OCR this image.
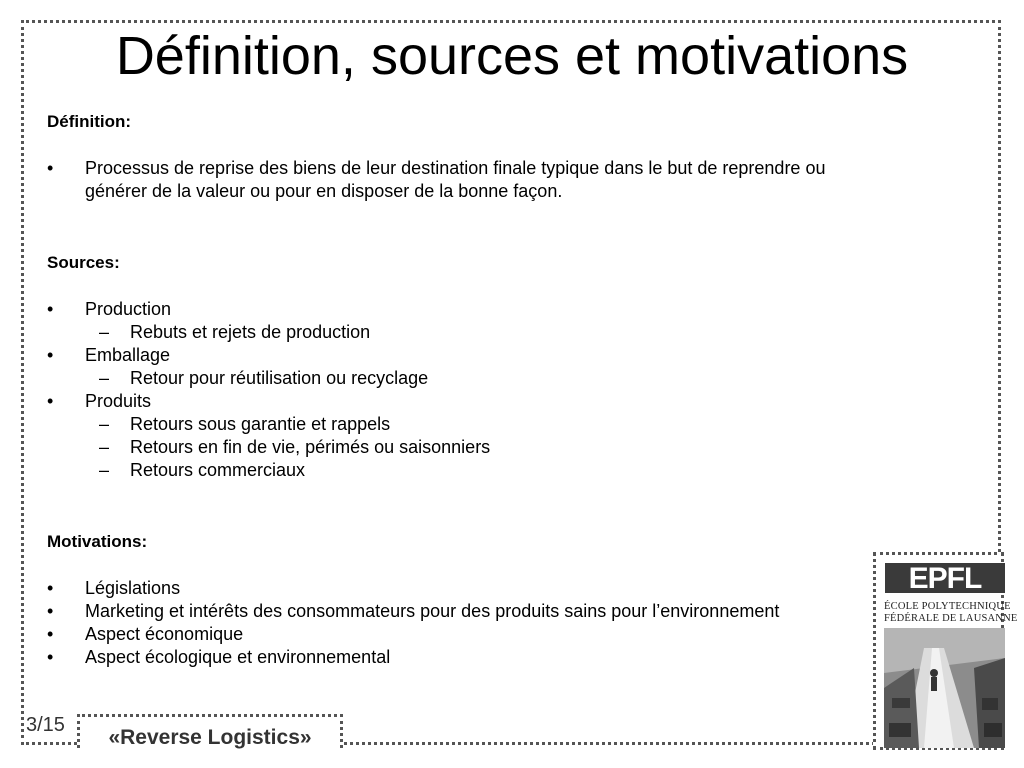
Définition, sources et motivations

Définition:

• Processus de reprise des biens de leur destination finale typique dans le but de reprendre ou générer de la valeur ou pour en disposer de la bonne façon.

Sources:

• Production

– Rebuts et rejets de production

• Emballage

– Retour pour réutilisation ou recyclage

• Produits

– Retours sous garantie et rappels

– Retours en fin de vie, périmés ou saisonniers

– Retours commerciaux

Motivations:

• Législations

• Marketing et intérêts des consommateurs pour des produits sains pour l’environnement

• Aspect économique

• Aspect écologique et environnemental

3/15
«Reverse Logistics»
EPFL
ÉCOLE POLYTECHNIQUE
FÉDÉRALE DE LAUSANNE
